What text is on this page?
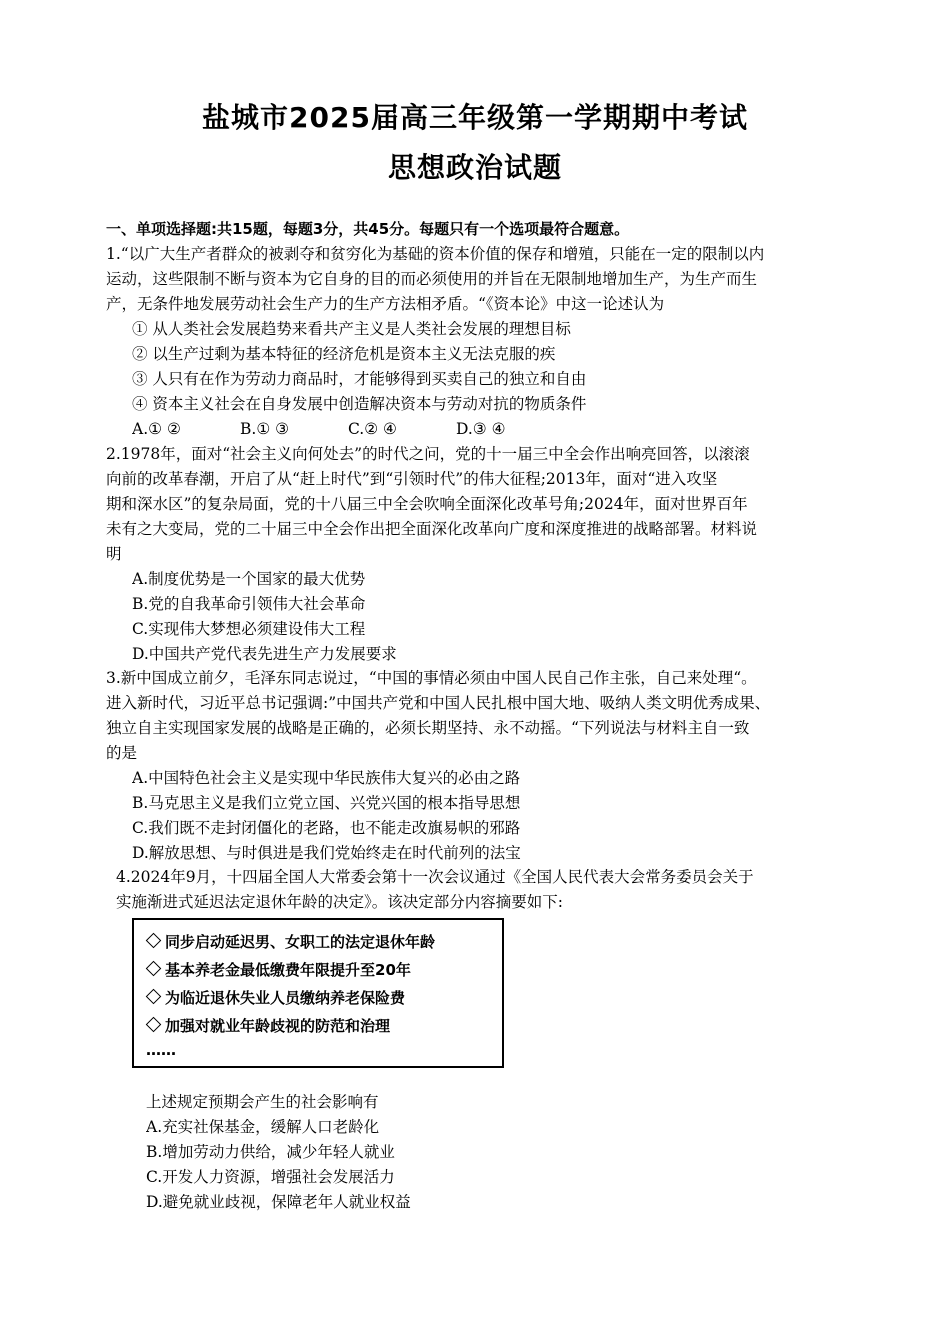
盐城市2025届高三年级第一学期期中考试
思想政治试题
一、单项选择题:共15题，每题3分，共45分。每题只有一个选项最符合题意。
1.“以广大生产者群众的被剥夺和贫穷化为基础的资本价值的保存和增殖，只能在一定的限制以内
运动，这些限制不断与资本为它自身的目的而必须使用的并旨在无限制地增加生产，为生产而生
产，无条件地发展劳动社会生产力的生产方法相矛盾。“《资本论》中这一论述认为
① 从人类社会发展趋势来看共产主义是人类社会发展的理想目标
② 以生产过剩为基本特征的经济危机是资本主义无法克服的疾
③ 人只有在作为劳动力商品时，才能够得到买卖自己的独立和自由
④ 资本主义社会在自身发展中创造解决资本与劳动对抗的物质条件
A.① ②	B.① ③	C.② ④	D.③ ④
2.1978年，面对“社会主义向何处去”的时代之问，党的十一届三中全会作出响亮回答，以滚滚
向前的改革春潮，开启了从“赶上时代”到“引领时代”的伟大征程;2013年，面对“进入攻坚
期和深水区”的复杂局面，党的十八届三中全会吹响全面深化改革号角;2024年，面对世界百年
未有之大变局，党的二十届三中全会作出把全面深化改革向广度和深度推进的战略部署。材料说
明
A.制度优势是一个国家的最大优势
B.党的自我革命引领伟大社会革命
C.实现伟大梦想必须建设伟大工程
D.中国共产党代表先进生产力发展要求
3.新中国成立前夕，毛泽东同志说过，“中国的事情必须由中国人民自己作主张，自己来处理“。
进入新时代，习近平总书记强调:”中国共产党和中国人民扎根中国大地、吸纳人类文明优秀成果、
独立自主实现国家发展的战略是正确的，必须长期坚持、永不动摇。“下列说法与材料主自一致
的是
A.中国特色社会主义是实现中华民族伟大复兴的必由之路
B.马克思主义是我们立党立国、兴党兴国的根本指导思想
C.我们既不走封闭僵化的老路，也不能走改旗易帜的邪路
D.解放思想、与时俱进是我们党始终走在时代前列的法宝
4.2024年9月，十四届全国人大常委会第十一次会议通过《全国人民代表大会常务委员会关于
实施渐进式延迟法定退休年龄的决定》。该决定部分内容摘要如下:
同步启动延迟男、女职工的法定退休年龄
基本养老金最低缴费年限提升至20年
为临近退休失业人员缴纳养老保险费
加强对就业年龄歧视的防范和治理
……
上述规定预期会产生的社会影响有
A.充实社保基金，缓解人口老龄化
B.增加劳动力供给，减少年轻人就业
C.开发人力资源，增强社会发展活力
D.避免就业歧视，保障老年人就业权益
